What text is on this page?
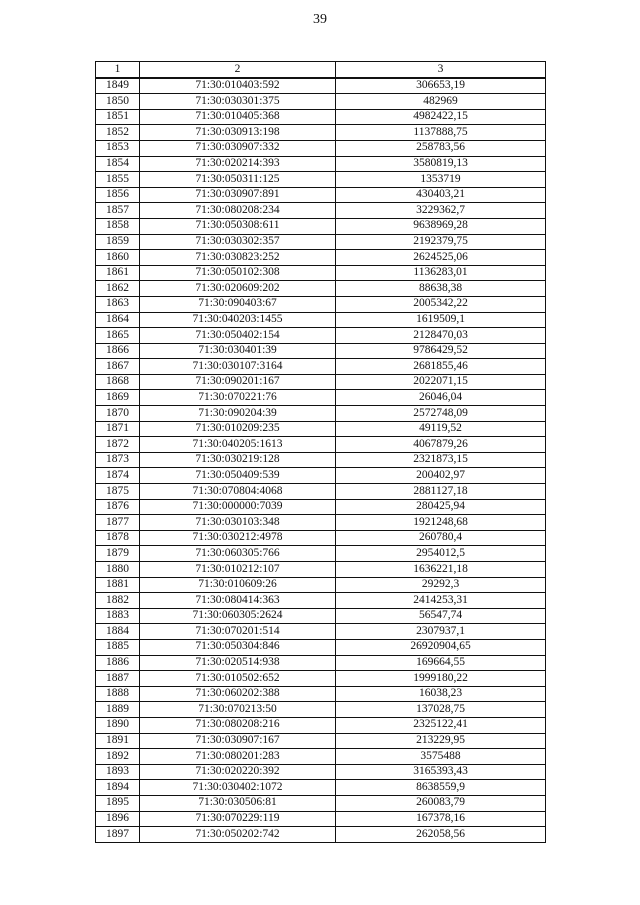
39
1	2	3
1849	71:30:010403:592	306653,19
1850	71:30:030301:375	482969
1851	71:30:010405:368	4982422,15
1852	71:30:030913:198	1137888,75
1853	71:30:030907:332	258783,56
1854	71:30:020214:393	3580819,13
1855	71:30:050311:125	1353719
1856	71:30:030907:891	430403,21
1857	71:30:080208:234	3229362,7
1858	71:30:050308:611	9638969,28
1859	71:30:030302:357	2192379,75
1860	71:30:030823:252	2624525,06
1861	71:30:050102:308	1136283,01
1862	71:30:020609:202	88638,38
1863	71:30:090403:67	2005342,22
1864	71:30:040203:1455	1619509,1
1865	71:30:050402:154	2128470,03
1866	71:30:030401:39	9786429,52
1867	71:30:030107:3164	2681855,46
1868	71:30:090201:167	2022071,15
1869	71:30:070221:76	26046,04
1870	71:30:090204:39	2572748,09
1871	71:30:010209:235	49119,52
1872	71:30:040205:1613	4067879,26
1873	71:30:030219:128	2321873,15
1874	71:30:050409:539	200402,97
1875	71:30:070804:4068	2881127,18
1876	71:30:000000:7039	280425,94
1877	71:30:030103:348	1921248,68
1878	71:30:030212:4978	260780,4
1879	71:30:060305:766	2954012,5
1880	71:30:010212:107	1636221,18
1881	71:30:010609:26	29292,3
1882	71:30:080414:363	2414253,31
1883	71:30:060305:2624	56547,74
1884	71:30:070201:514	2307937,1
1885	71:30:050304:846	26920904,65
1886	71:30:020514:938	169664,55
1887	71:30:010502:652	1999180,22
1888	71:30:060202:388	16038,23
1889	71:30:070213:50	137028,75
1890	71:30:080208:216	2325122,41
1891	71:30:030907:167	213229,95
1892	71:30:080201:283	3575488
1893	71:30:020220:392	3165393,43
1894	71:30:030402:1072	8638559,9
1895	71:30:030506:81	260083,79
1896	71:30:070229:119	167378,16
1897	71:30:050202:742	262058,56
